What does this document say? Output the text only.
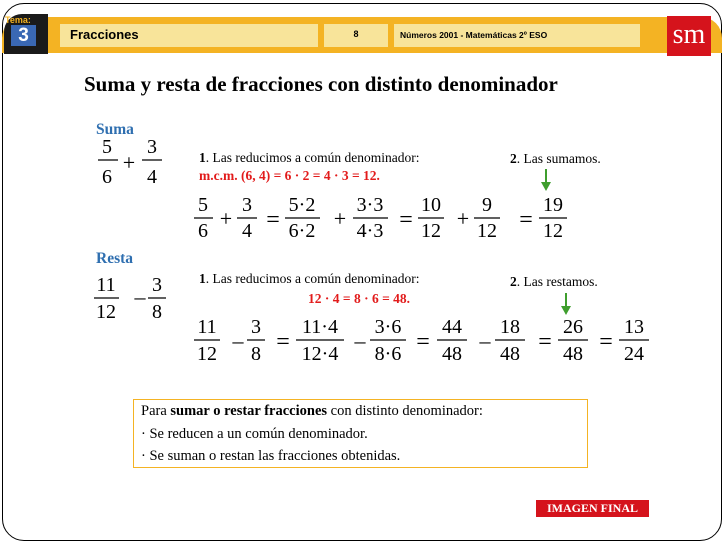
Tema:
3	Fracciones	8	Números 2001 - Matemáticas 2º ESO	sm
Suma y resta de fracciones con distinto denominador
Suma
1. Las reducimos a común denominador:
m.c.m. (6, 4) = 6 · 2 = 4 · 3 = 12.
2. Las sumamos.
Resta
1. Las reducimos a común denominador:
12 · 4 = 8 · 6 = 48.
2. Las restamos.
5
6
+
3
4
5
6 +
3
4 =
5·2
6·2 +
3·3
4·3 =
10
12 +
9
12 =
19
12
11
12
– 3
8
11
12
–
3
8 =
11·4
12·4
–
3·6
8·6 =
44
48
–
18
48 =
26
48 =
13
24
Para sumar o restar fracciones con distinto denominador:
· Se reducen a un común denominador.
· Se suman o restan las fracciones obtenidas.
IMAGEN FINAL
